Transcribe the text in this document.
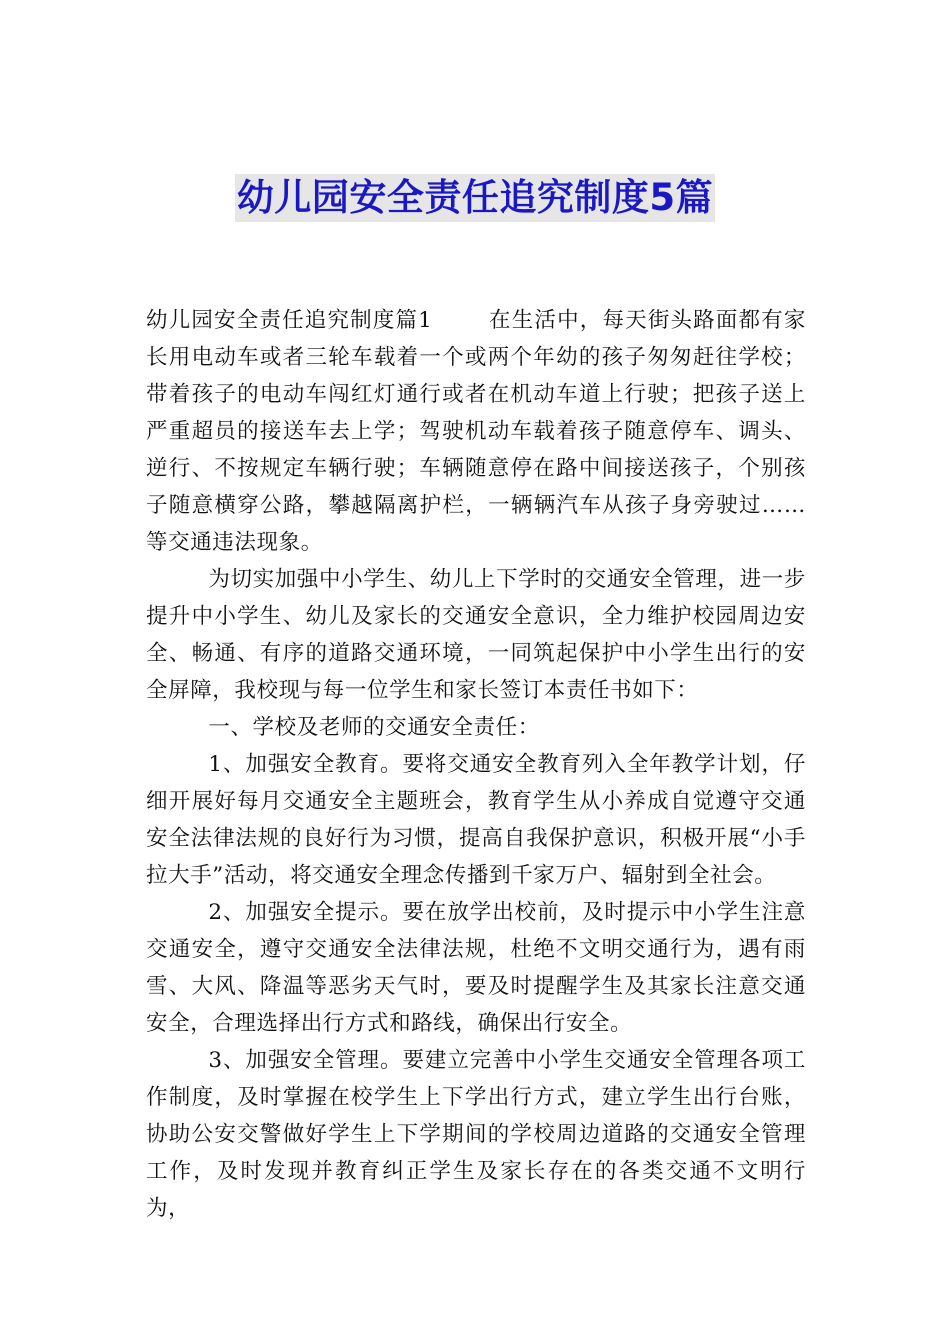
幼儿园安全责任追究制度5篇

幼儿园安全责任追究制度篇1	在生活中，每天街头路面都有家长用电动车或者三轮车载着一个或两个年幼的孩子匆匆赶往学校；带着孩子的电动车闯红灯通行或者在机动车道上行驶；把孩子送上严重超员的接送车去上学；驾驶机动车载着孩子随意停车、调头、逆行、不按规定车辆行驶；车辆随意停在路中间接送孩子，个别孩子随意横穿公路，攀越隔离护栏，一辆辆汽车从孩子身旁驶过……等交通违法现象。

为切实加强中小学生、幼儿上下学时的交通安全管理，进一步提升中小学生、幼儿及家长的交通安全意识，全力维护校园周边安全、畅通、有序的道路交通环境，一同筑起保护中小学生出行的安全屏障，我校现与每一位学生和家长签订本责任书如下：

一、学校及老师的交通安全责任：

1、加强安全教育。要将交通安全教育列入全年教学计划，仔细开展好每月交通安全主题班会，教育学生从小养成自觉遵守交通安全法律法规的良好行为习惯，提高自我保护意识，积极开展“小手拉大手”活动，将交通安全理念传播到千家万户、辐射到全社会。

2、加强安全提示。要在放学出校前，及时提示中小学生注意交通安全，遵守交通安全法律法规，杜绝不文明交通行为，遇有雨雪、大风、降温等恶劣天气时，要及时提醒学生及其家长注意交通安全，合理选择出行方式和路线，确保出行安全。

3、加强安全管理。要建立完善中小学生交通安全管理各项工作制度，及时掌握在校学生上下学出行方式，建立学生出行台账，协助公安交警做好学生上下学期间的学校周边道路的交通安全管理工作，及时发现并教育纠正学生及家长存在的各类交通不文明行为，
